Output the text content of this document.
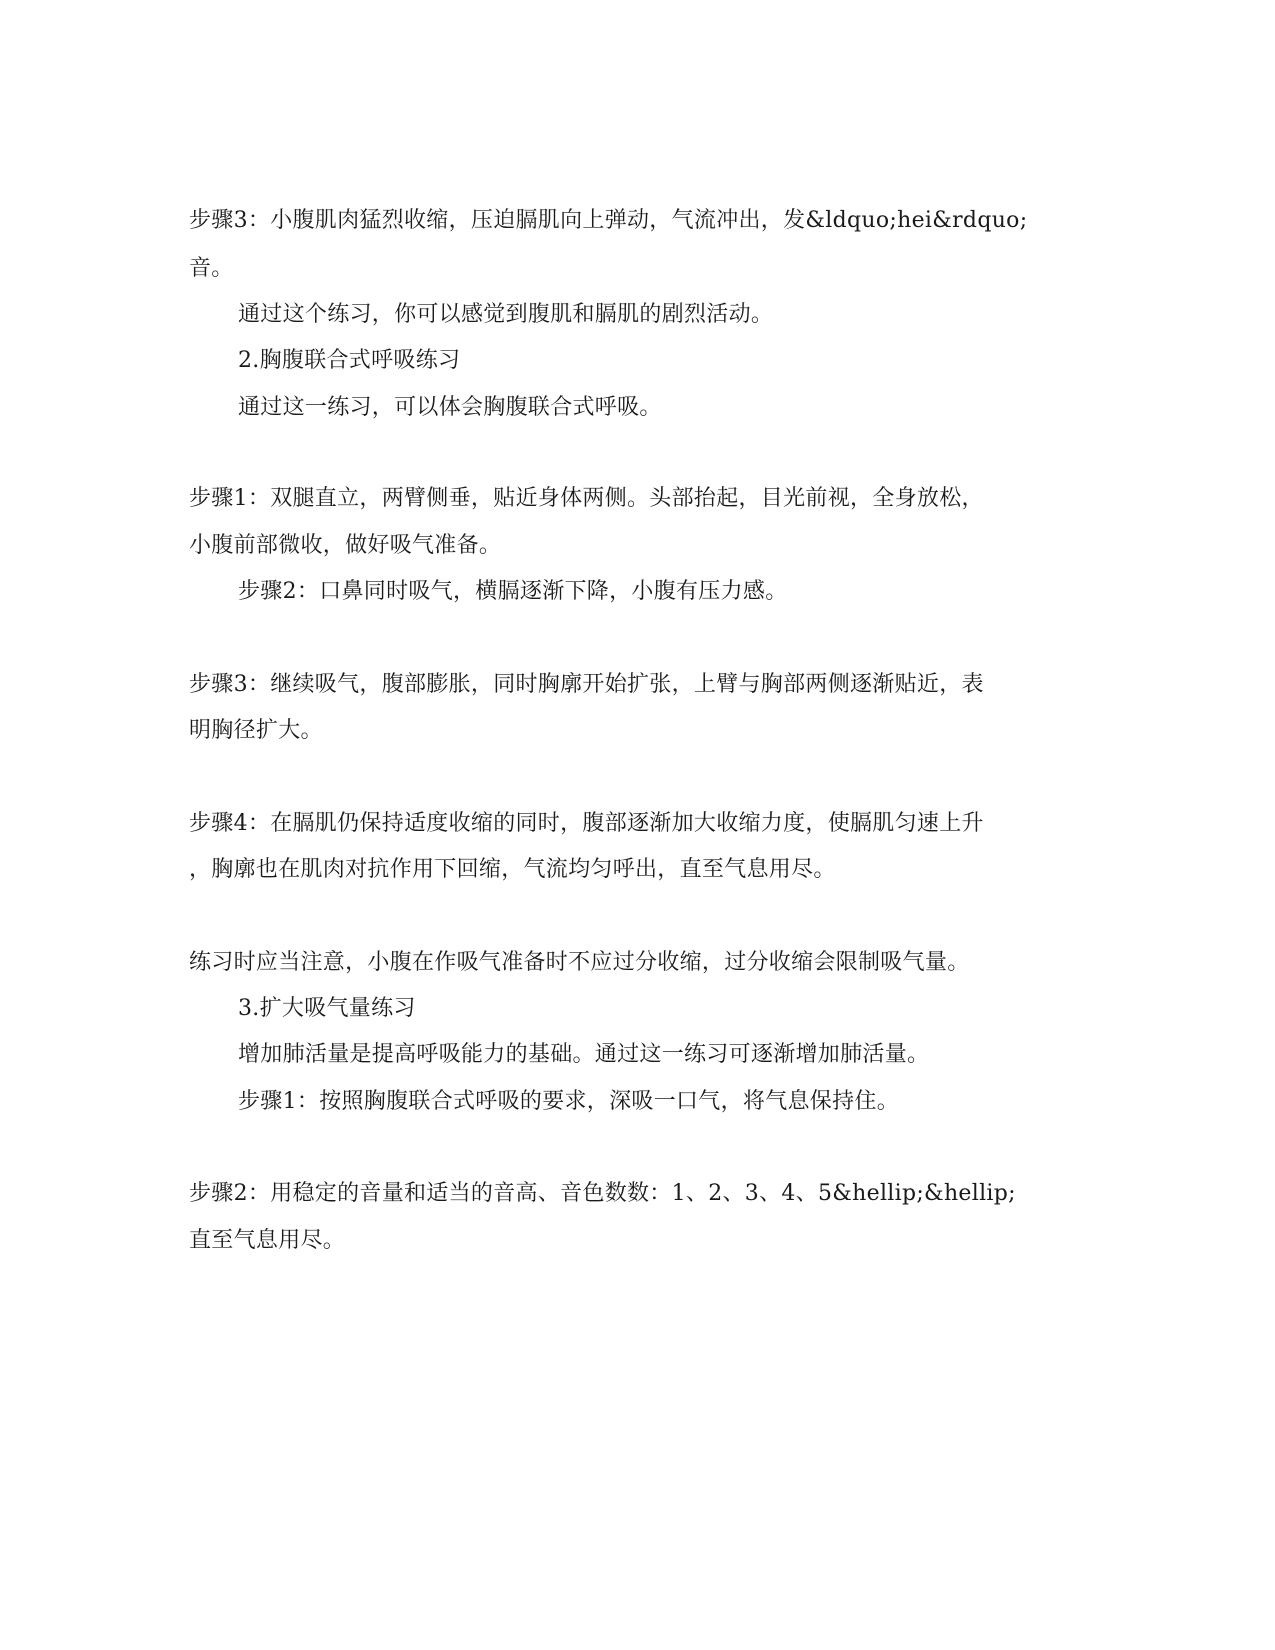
步骤3：小腹肌肉猛烈收缩，压迫膈肌向上弹动，气流冲出，发&ldquo;hei&rdquo;
音。
通过这个练习，你可以感觉到腹肌和膈肌的剧烈活动。
2.胸腹联合式呼吸练习
通过这一练习，可以体会胸腹联合式呼吸。
步骤1：双腿直立，两臂侧垂，贴近身体两侧。头部抬起，目光前视，全身放松，
小腹前部微收，做好吸气准备。
步骤2：口鼻同时吸气，横膈逐渐下降，小腹有压力感。
步骤3：继续吸气，腹部膨胀，同时胸廓开始扩张，上臂与胸部两侧逐渐贴近，表
明胸径扩大。
步骤4：在膈肌仍保持适度收缩的同时，腹部逐渐加大收缩力度，使膈肌匀速上升
，胸廓也在肌肉对抗作用下回缩，气流均匀呼出，直至气息用尽。
练习时应当注意，小腹在作吸气准备时不应过分收缩，过分收缩会限制吸气量。
3.扩大吸气量练习
增加肺活量是提高呼吸能力的基础。通过这一练习可逐渐增加肺活量。
步骤1：按照胸腹联合式呼吸的要求，深吸一口气，将气息保持住。
步骤2：用稳定的音量和适当的音高、音色数数：1、2、3、4、5&hellip;&hellip;
直至气息用尽。
